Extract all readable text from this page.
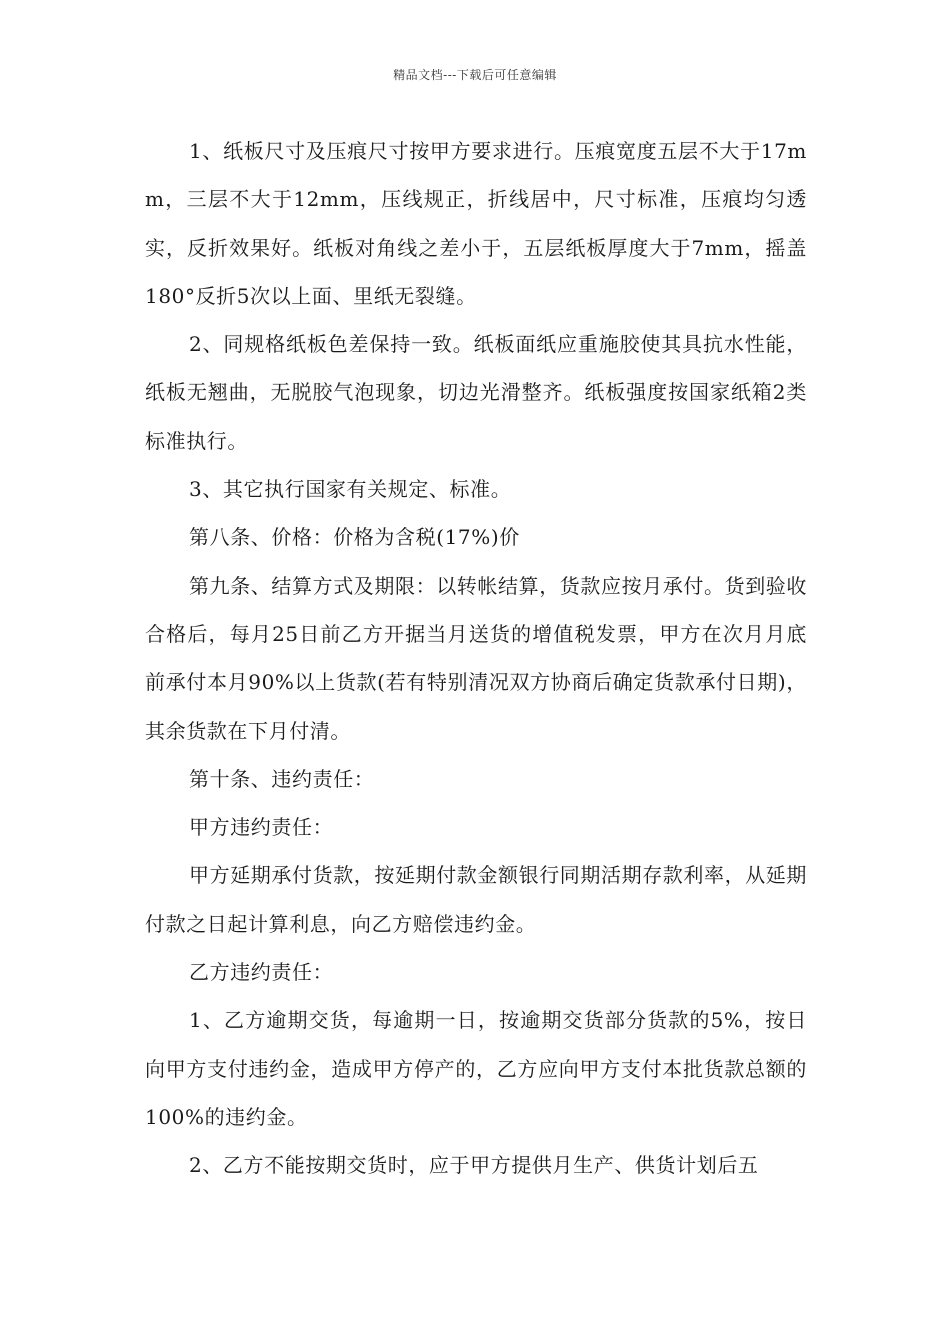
精品文档---下载后可任意编辑

1、纸板尺寸及压痕尺寸按甲方要求进行。压痕宽度五层不大于17mm，三层不大于12mm，压线规正，折线居中，尺寸标准，压痕均匀透实，反折效果好。纸板对角线之差小于，五层纸板厚度大于7mm，摇盖180°反折5次以上面、里纸无裂缝。

2、同规格纸板色差保持一致。纸板面纸应重施胶使其具抗水性能，纸板无翘曲，无脱胶气泡现象，切边光滑整齐。纸板强度按国家纸箱2类标准执行。

3、其它执行国家有关规定、标准。

第八条、价格：价格为含税(17%)价

第九条、结算方式及期限：以转帐结算，货款应按月承付。货到验收合格后，每月25日前乙方开据当月送货的增值税发票，甲方在次月月底前承付本月90%以上货款(若有特别清况双方协商后确定货款承付日期)，其余货款在下月付清。

第十条、违约责任：

甲方违约责任：

甲方延期承付货款，按延期付款金额银行同期活期存款利率，从延期付款之日起计算利息，向乙方赔偿违约金。

乙方违约责任：

1、乙方逾期交货，每逾期一日，按逾期交货部分货款的5%，按日向甲方支付违约金，造成甲方停产的，乙方应向甲方支付本批货款总额的100%的违约金。

2、乙方不能按期交货时，应于甲方提供月生产、供货计划后五
